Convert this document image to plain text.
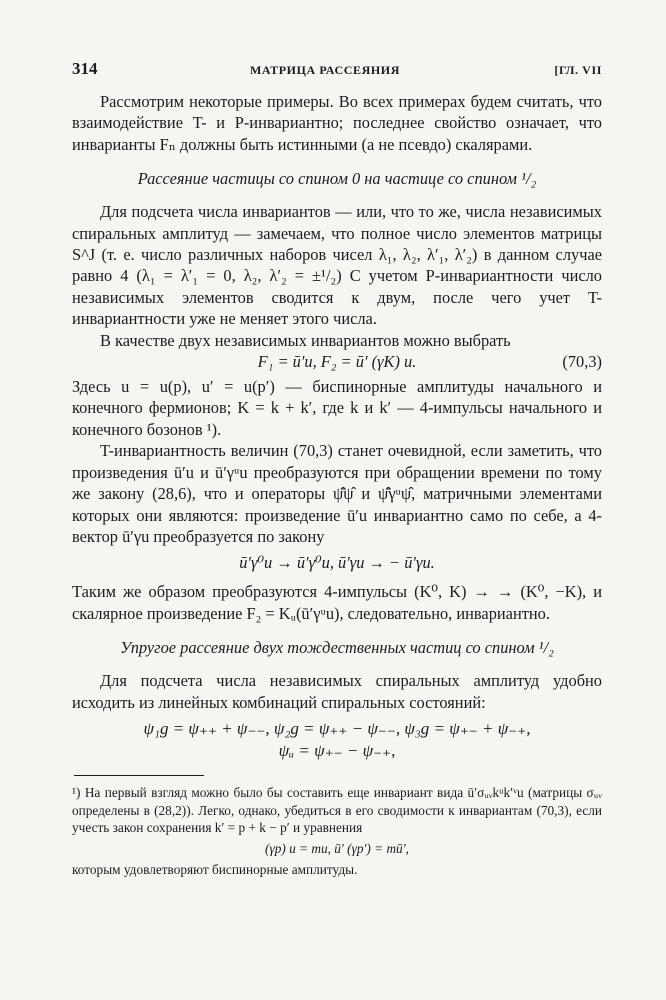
314	МАТРИЦА РАССЕЯНИЯ	[ГЛ. VII

Рассмотрим некоторые примеры. Во всех примерах будем считать, что взаимодействие T- и P-инвариантно; последнее свойство означает, что инварианты Fₙ должны быть истинными (а не псевдо) скалярами.

Рассеяние частицы со спином 0 на частице со спином ¹/₂

Для подсчета числа инвариантов — или, что то же, числа независимых спиральных амплитуд — замечаем, что полное число элементов матрицы S^J (т. е. число различных наборов чисел λ₁, λ₂, λ′₁, λ′₂) в данном случае равно 4 (λ₁ = λ′₁ = 0, λ₂, λ′₂ = ±¹/₂) С учетом P-инвариантности число независимых элементов сводится к двум, после чего учет T-инвариантности уже не меняет этого числа.

В качестве двух независимых инвариантов можно выбрать

F₁ = ū′u, F₂ = ū′ (γK) u.	(70,3)

Здесь u = u(p), u′ = u(p′) — биспинорные амплитуды начального и конечного фермионов; K = k + k′, где k и k′ — 4-импульсы начального и конечного бозонов ¹).

T-инвариантность величин (70,3) станет очевидной, если заметить, что произведения ū′u и ū′γᵘu преобразуются при обращении времени по тому же закону (28,6), что и операторы ψ̂̄ψ̂ и ψ̂̄γᵘψ̂, матричными элементами которых они являются: произведение ū′u инвариантно само по себе, а 4-вектор ū′γu преобразуется по закону

ū′γ⁰u → ū′γ⁰u, ū′γu → − ū′γu.

Таким же образом преобразуются 4-импульсы (K⁰, K) → → (K⁰, −K), и скалярное произведение F₂ = Kᵤ(ū′γᵘu), следовательно, инвариантно.

Упругое рассеяние двух тождественных частиц со спином ¹/₂

Для подсчета числа независимых спиральных амплитуд удобно исходить из линейных комбинаций спиральных состояний:

ψ₁g = ψ₊₊ + ψ₋₋, ψ₂g = ψ₊₊ − ψ₋₋, ψ₃g = ψ₊₋ + ψ₋₊,
ψᵤ = ψ₊₋ − ψ₋₊,

¹) На первый взгляд можно было бы составить еще инвариант вида ū′σᵤᵥkᵘk′ᵛu (матрицы σᵤᵥ определены в (28,2)). Легко, однако, убедиться в его сводимости к инвариантам (70,3), если учесть закон сохранения k′ = p + k − p′ и уравнения

(γp) u = mu, ū′ (γp′) = mū′,

которым удовлетворяют биспинорные амплитуды.
